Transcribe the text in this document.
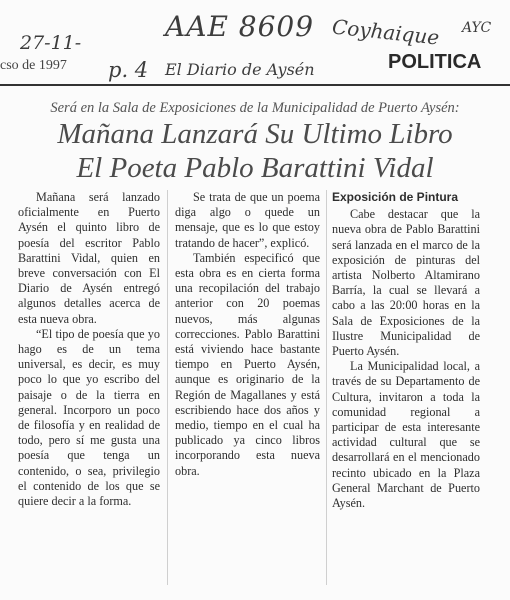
27-11-	AAE 8609 Coyhaique AYC
cso de 1997 p. 4 El Diario de Aysén	POLITICA
Será en la Sala de Exposiciones de la Municipalidad de Puerto Aysén:
Mañana Lanzará Su Ultimo Libro
El Poeta Pablo Barattini Vidal

Mañana será lanzado oficialmente en Puerto Aysén el quinto libro de poesía del escritor Pablo Barattini Vidal, quien en breve conversación con El Diario de Aysén entregó algunos detalles acerca de esta nueva obra.

“El tipo de poesía que yo hago es de un tema universal, es decir, es muy poco lo que yo escribo del paisaje o de la tierra en general. Incorporo un poco de filosofía y en realidad de todo, pero sí me gusta una poesía que tenga un contenido, o sea, privilegio el contenido de los que se quiere decir a la forma.

Se trata de que un poema diga algo o quede un mensaje, que es lo que estoy tratando de hacer”, explicó.

También especificó que esta obra es en cierta forma una recopilación del trabajo anterior con 20 poemas nuevos, más algunas correcciones. Pablo Barattini está viviendo hace bastante tiempo en Puerto Aysén, aunque es originario de la Región de Magallanes y está escribiendo hace dos años y medio, tiempo en el cual ha publicado ya cinco libros incorporando esta nueva obra.

Exposición de Pintura

Cabe destacar que la nueva obra de Pablo Barattini será lanzada en el marco de la exposición de pinturas del artista Nolberto Altamirano Barría, la cual se llevará a cabo a las 20:00 horas en la Sala de Exposiciones de la Ilustre Municipalidad de Puerto Aysén.

La Municipalidad local, a través de su Departamento de Cultura, invitaron a toda la comunidad regional a participar de esta interesante actividad cultural que se desarrollará en el mencionado recinto ubicado en la Plaza General Marchant de Puerto Aysén.
